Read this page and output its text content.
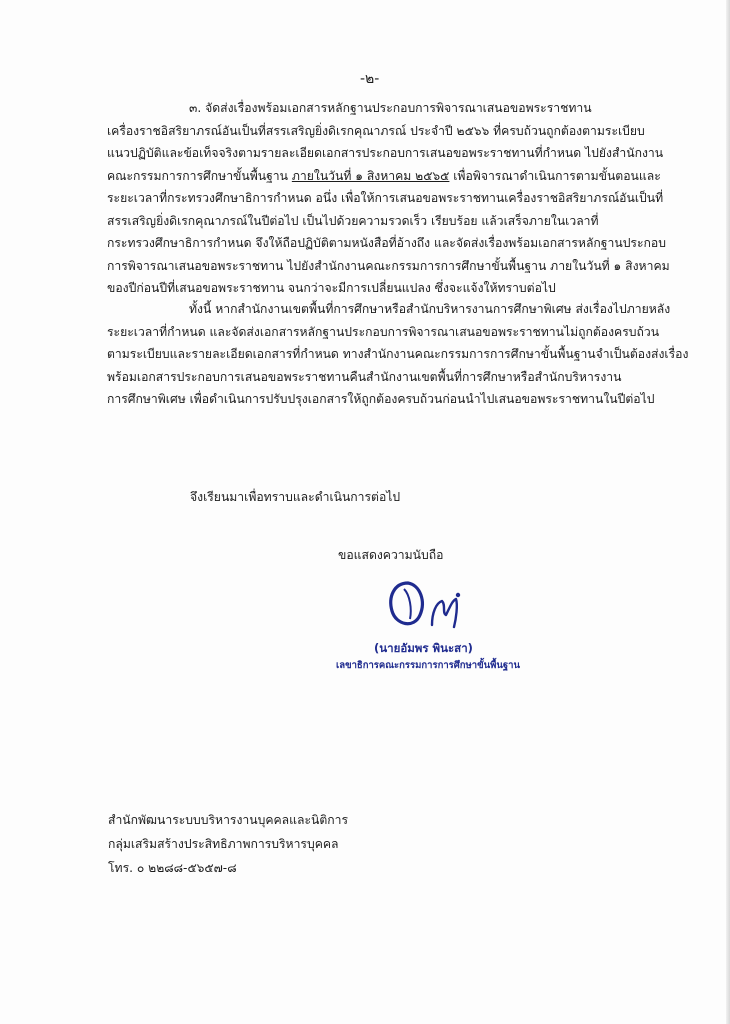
-๒-
๓. จัดส่งเรื่องพร้อมเอกสารหลักฐานประกอบการพิจารณาเสนอขอพระราชทาน
เครื่องราชอิสริยาภรณ์อันเป็นที่สรรเสริญยิ่งดิเรกคุณาภรณ์ ประจำปี ๒๕๖๖ ที่ครบถ้วนถูกต้องตามระเบียบ
แนวปฏิบัติและข้อเท็จจริงตามรายละเอียดเอกสารประกอบการเสนอขอพระราชทานที่กำหนด ไปยังสำนักงาน
คณะกรรมการการศึกษาขั้นพื้นฐาน ภายในวันที่ ๑ สิงหาคม ๒๕๖๕ เพื่อพิจารณาดำเนินการตามขั้นตอนและ
ระยะเวลาที่กระทรวงศึกษาธิการกำหนด อนึ่ง เพื่อให้การเสนอขอพระราชทานเครื่องราชอิสริยาภรณ์อันเป็นที่
สรรเสริญยิ่งดิเรกคุณาภรณ์ในปีต่อไป เป็นไปด้วยความรวดเร็ว เรียบร้อย แล้วเสร็จภายในเวลาที่
กระทรวงศึกษาธิการกำหนด จึงให้ถือปฏิบัติตามหนังสือที่อ้างถึง และจัดส่งเรื่องพร้อมเอกสารหลักฐานประกอบ
การพิจารณาเสนอขอพระราชทาน ไปยังสำนักงานคณะกรรมการการศึกษาขั้นพื้นฐาน ภายในวันที่ ๑ สิงหาคม
ของปีก่อนปีที่เสนอขอพระราชทาน จนกว่าจะมีการเปลี่ยนแปลง ซึ่งจะแจ้งให้ทราบต่อไป
ทั้งนี้ หากสำนักงานเขตพื้นที่การศึกษาหรือสำนักบริหารงานการศึกษาพิเศษ ส่งเรื่องไปภายหลัง
ระยะเวลาที่กำหนด และจัดส่งเอกสารหลักฐานประกอบการพิจารณาเสนอขอพระราชทานไม่ถูกต้องครบถ้วน
ตามระเบียบและรายละเอียดเอกสารที่กำหนด ทางสำนักงานคณะกรรมการการศึกษาขั้นพื้นฐานจำเป็นต้องส่งเรื่อง
พร้อมเอกสารประกอบการเสนอขอพระราชทานคืนสำนักงานเขตพื้นที่การศึกษาหรือสำนักบริหารงาน
การศึกษาพิเศษ เพื่อดำเนินการปรับปรุงเอกสารให้ถูกต้องครบถ้วนก่อนนำไปเสนอขอพระราชทานในปีต่อไป
จึงเรียนมาเพื่อทราบและดำเนินการต่อไป
ขอแสดงความนับถือ
(นายอัมพร พินะสา)
เลขาธิการคณะกรรมการการศึกษาขั้นพื้นฐาน
สำนักพัฒนาระบบบริหารงานบุคคลและนิติการ
กลุ่มเสริมสร้างประสิทธิภาพการบริหารบุคคล
โทร. ๐ ๒๒๘๘-๕๖๕๗-๘
